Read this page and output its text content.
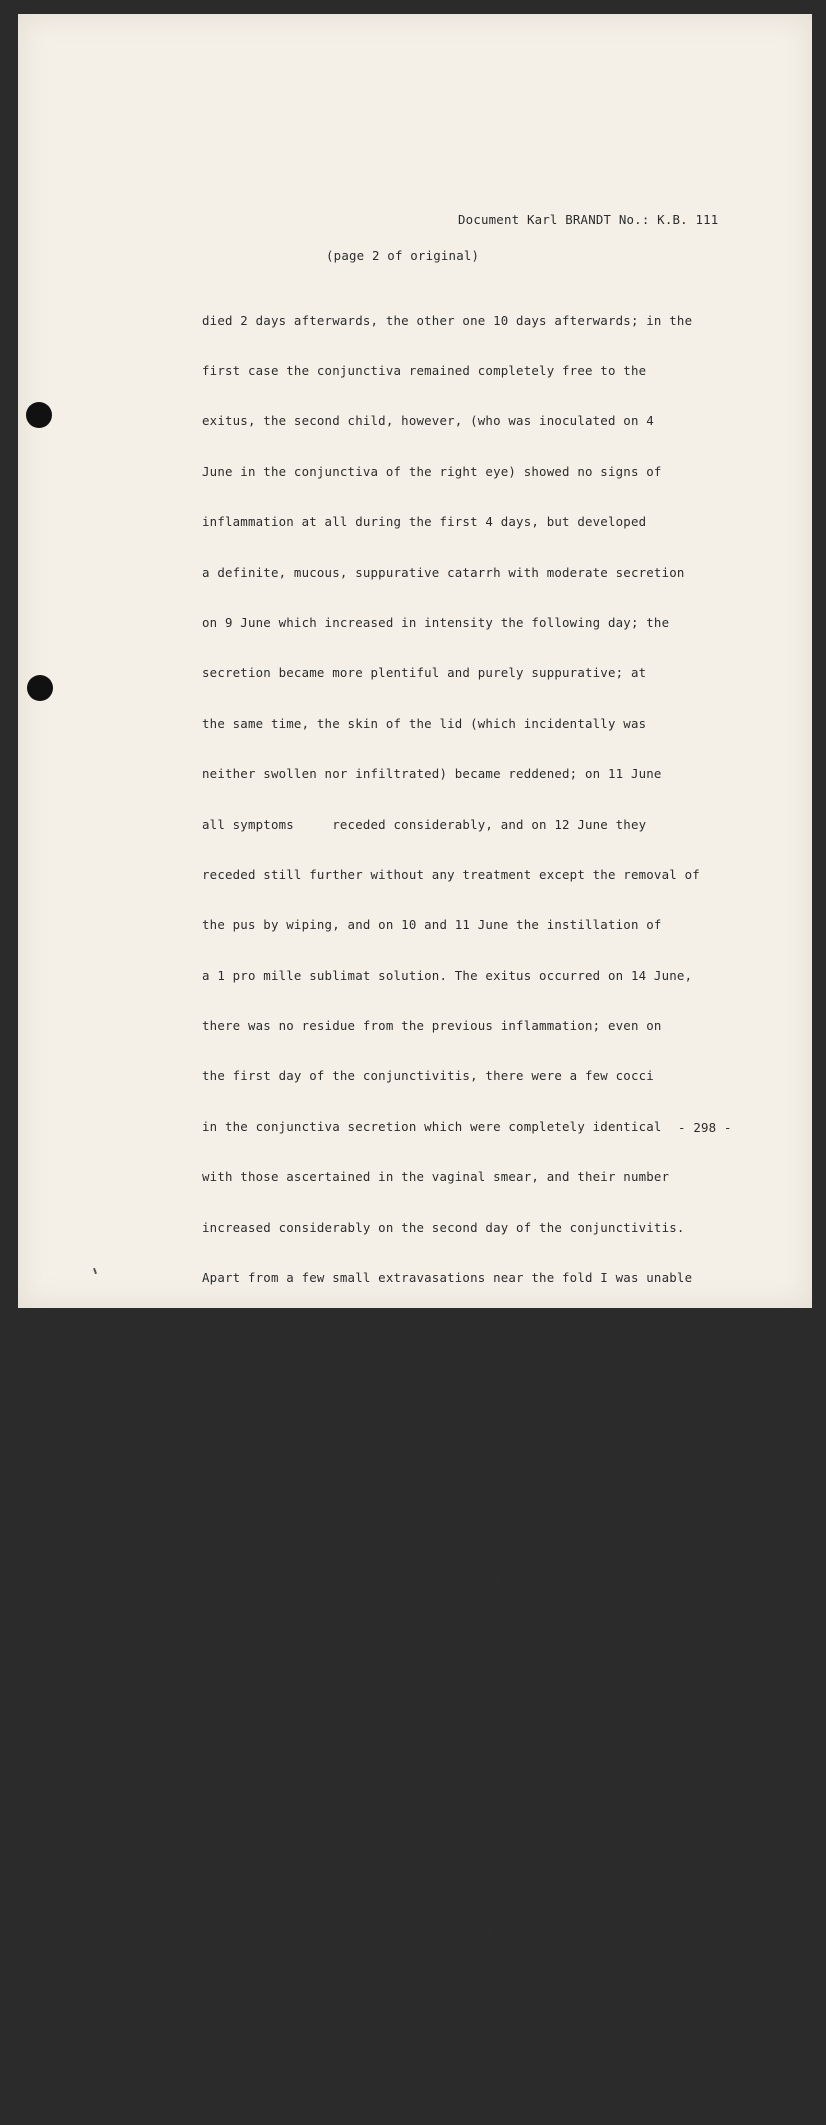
Document Karl BRANDT No.: K.B. 111

(page 2 of original)

died 2 days afterwards, the other one 10 days afterwards; in the

first case the conjunctiva remained completely free to the

exitus, the second child, however, (who was inoculated on 4

June in the conjunctiva of the right eye) showed no signs of

inflammation at all during the first 4 days, but developed

a definite, mucous, suppurative catarrh with moderate secretion

on 9 June which increased in intensity the following day; the

secretion became more plentiful and purely suppurative; at

the same time, the skin of the lid (which incidentally was

neither swollen nor infiltrated) became reddened; on 11 June

all symptoms     receded considerably, and on 12 June they

receded still further without any treatment except the removal of

the pus by wiping, and on 10 and 11 June the instillation of

a 1 pro mille sublimat solution. The exitus occurred on 14 June,

there was no residue from the previous inflammation; even on

the first day of the conjunctivitis, there were a few cocci

in the conjunctiva secretion which were completely identical

with those ascertained in the vaginal smear, and their number

increased considerably on the second day of the conjunctivitis.

Apart from a few small extravasations near the fold I was unable

to determine any pathological symptoms on the conjunctiva

of the corpse; microscopic examination of the conjunctiva,

hardened in alcohol, showed on Gram stained sections a general

absence of micro-organisms and especially of characteristic

cocci in the conjunction tissue. The non-inoculated eye

showed no signs of inflammation even  though no protective

measures were taken, and no symptoms of conjunctivitis appeared

either on the child's nurse or on other children in the same

room.

After this positive result of the experiment there can be no doubt th

the vaginal secretions which were brought into contact with the

conjunctiva must be held responsible for the formation of this

acute conjunctivitis. The next step would be to transfer the

infecting, noxious agent into the liquid or morphological components,

especially in the already described cocci of the vaginal

- 298 -
